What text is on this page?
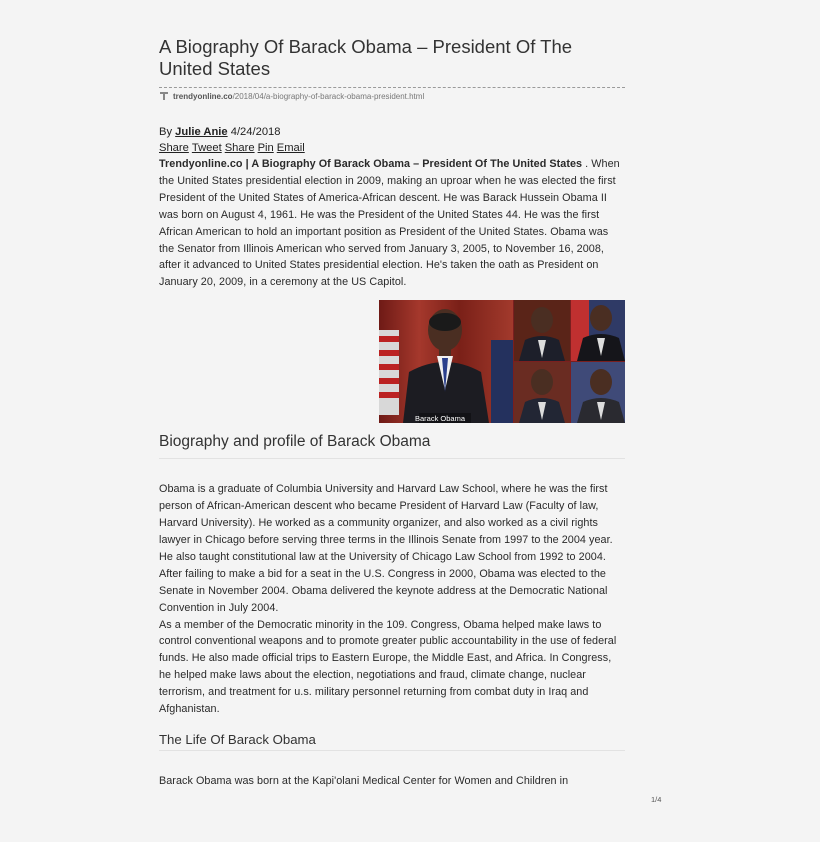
A Biography Of Barack Obama – President Of The United States
trendyonline.co/2018/04/a-biography-of-barack-obama-president.html
By Julie Anie 4/24/2018
Share Tweet Share Pin Email

Trendyonline.co | A Biography Of Barack Obama – President Of The United States . When the United States presidential election in 2009, making an uproar when he was elected the first President of the United States of America-African descent. He was Barack Hussein Obama II was born on August 4, 1961. He was the President of the United States 44. He was the first African American to hold an important position as President of the United States. Obama was the Senator from Illinois American who served from January 3, 2005, to November 16, 2008, after it advanced to United States presidential election. He's taken the oath as President on January 20, 2009, in a ceremony at the US Capitol.

Barack Obama
Biography and profile of Barack Obama

Obama is a graduate of Columbia University and Harvard Law School, where he was the first person of African-American descent who became President of Harvard Law (Faculty of law, Harvard University). He worked as a community organizer, and also worked as a civil rights lawyer in Chicago before serving three terms in the Illinois Senate from 1997 to the 2004 year. He also taught constitutional law at the University of Chicago Law School from 1992 to 2004. After failing to make a bid for a seat in the U.S. Congress in 2000, Obama was elected to the Senate in November 2004. Obama delivered the keynote address at the Democratic National Convention in July 2004.

As a member of the Democratic minority in the 109. Congress, Obama helped make laws to control conventional weapons and to promote greater public accountability in the use of federal funds. He also made official trips to Eastern Europe, the Middle East, and Africa. In Congress, he helped make laws about the election, negotiations and fraud, climate change, nuclear terrorism, and treatment for u.s. military personnel returning from combat duty in Iraq and Afghanistan.

The Life Of Barack Obama

Barack Obama was born at the Kapi'olani Medical Center for Women and Children in

1/4
